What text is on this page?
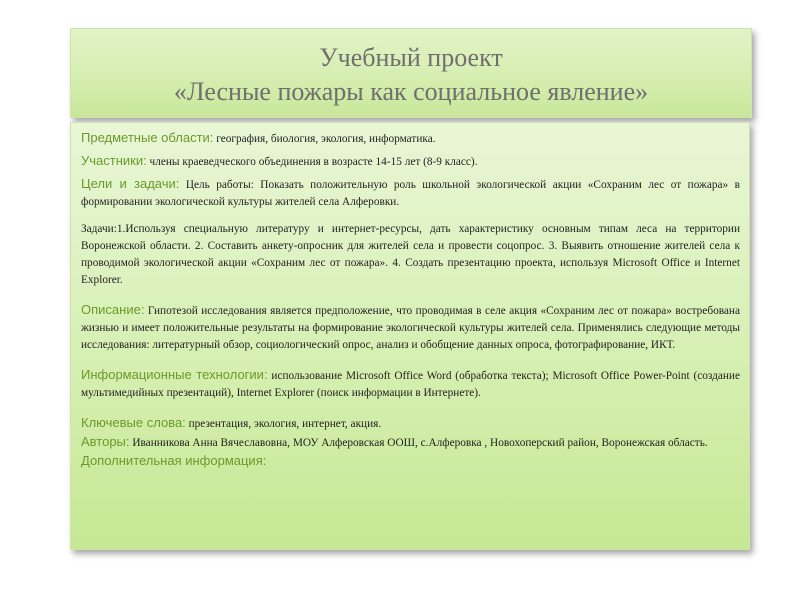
Учебный проект
«Лесные пожары как социальное явление»

Предметные области: география, биология, экология, информатика.

Участники: члены краеведческого объединения в возрасте 14-15 лет (8-9 класс).

Цели и задачи: Цель работы: Показать положительную роль школьной экологической акции «Сохраним лес от пожара» в формировании экологической культуры жителей села Алферовки.

Задачи:1.Используя специальную литературу и интернет-ресурсы, дать характеристику основным типам леса на территории Воронежской области. 2. Составить анкету-опросник для жителей села и провести соцопрос. 3. Выявить отношение жителей села к проводимой экологической акции «Сохраним лес от пожара». 4. Создать презентацию проекта, используя Microsoft Office и Internet Explorer.

Описание: Гипотезой исследования является предположение, что проводимая в селе акция «Сохраним лес от пожара» востребована жизнью и имеет положительные результаты на формирование экологической культуры жителей села. Применялись следующие методы исследования: литературный обзор, социологический опрос, анализ и обобщение данных опроса, фотографирование, ИКТ.

Информационные технологии: использование Microsoft Office Word (обработка текста); Microsoft Office Power-Point (создание мультимедийных презентаций), Internet Explorer (поиск информации в Интернете).

Ключевые слова: презентация, экология, интернет, акция.

Авторы: Иванникова Анна Вячеславовна, МОУ Алферовская ООШ, с.Алферовка , Новохоперский район, Воронежская область.

Дополнительная информация:
